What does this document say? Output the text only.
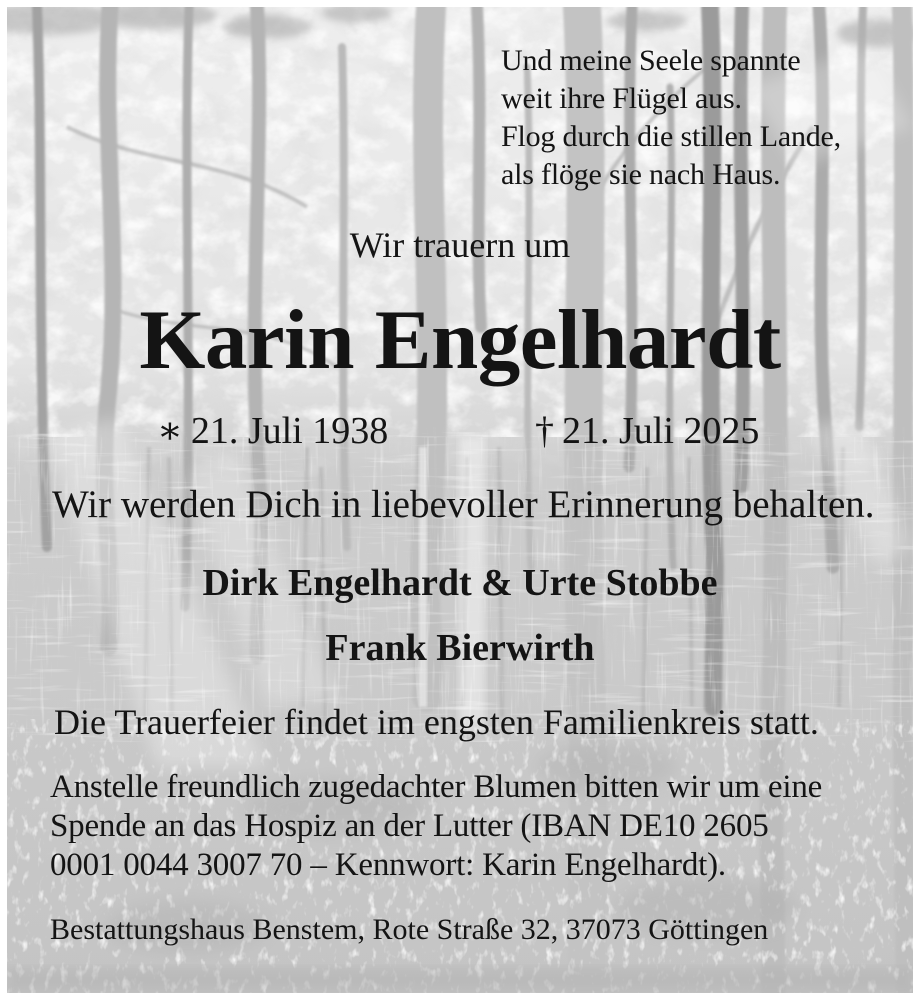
Und meine Seele spannte
weit ihre Flügel aus.
Flog durch die stillen Lande,
als flöge sie nach Haus.
Wir trauern um
Karin Engelhardt
∗ 21. Juli 1938	† 21. Juli 2025
Wir werden Dich in liebevoller Erinnerung behalten.
Dirk Engelhardt & Urte Stobbe
Frank Bierwirth
Die Trauerfeier findet im engsten Familienkreis statt.
Anstelle freundlich zugedachter Blumen bitten wir um eine
Spende an das Hospiz an der Lutter (IBAN DE10 2605
0001 0044 3007 70 – Kennwort: Karin Engelhardt).
Bestattungshaus Benstem, Rote Straße 32, 37073 Göttingen
